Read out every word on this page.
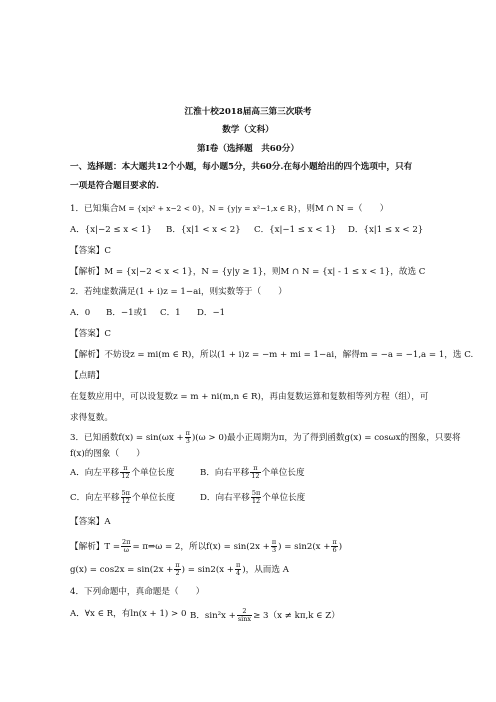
江淮十校2018届高三第三次联考
数学（文科）
第Ⅰ卷（选择题　共60分）
一、选择题：本大题共12个小题，每小题5分，共60分.在每小题给出的四个选项中，只有
一项是符合题目要求的.
1．已知集合M = {x|x² + x−2 < 0}，N = {y|y = x²−1,x ∈ R}，则M ∩ N =（　　）
A．{x|−2 ≤ x < 1} B．{x|1 < x < 2} C．{x|−1 ≤ x < 1} D．{x|1 ≤ x < 2}
【答案】C
【解析】M = {x|−2 < x < 1}，N = {y|y ≥ 1}，则M ∩ N = {x| - 1 ≤ x < 1}，故选 C
2．若纯虚数满足(1 + i)z = 1−ai，则实数等于（　　）
A．0 B．−1或1 C．1 D．−1
【答案】C
【解析】不妨设z = mi(m ∈ R)，所以(1 + i)z = −m + mi = 1−ai，解得m = −a = −1,a = 1，选 C.
【点睛】
在复数应用中，可以设复数z = m + ni(m,n ∈ R)，再由复数运算和复数相等列方程（组），可
求得复数。
3．已知函数$f(x) = \sin(\omega x + \frac{\pi}{3} )(\omega > 0)$最小正周期为π，为了得到函数g(x) = cosωx的图象，只要将
f(x)的图象（　　）
A．向左平移 $\frac{\pi}{12}$ 个单位长度	B．向右平移 $\frac{\pi}{12}$ 个单位长度
C．向左平移 $\frac{5\pi}{12}$ 个单位长度	D．向右平移 $\frac{5\pi}{12}$ 个单位长度
【答案】A
【解析】$T = \frac{2\pi}{\omega}$ = π⇒ω = 2，所以$f(x) = \sin(2x + \frac{\pi}{3}$ ) = $\sin 2(x + \frac{\pi}{6}$ )
$g(x) = \cos 2x = \sin(2x + \frac{\pi}{2}$ ) = $\sin 2(x + \frac{\pi}{4}$ )，从而选 A
4．下列命题中，真命题是（　　）
A．∀x ∈ R，有ln(x + 1) > 0 B．$\sin^2x + \frac{2}{\sin x} \ge 3(x \ne k\pi,k$ ∈ Z）
